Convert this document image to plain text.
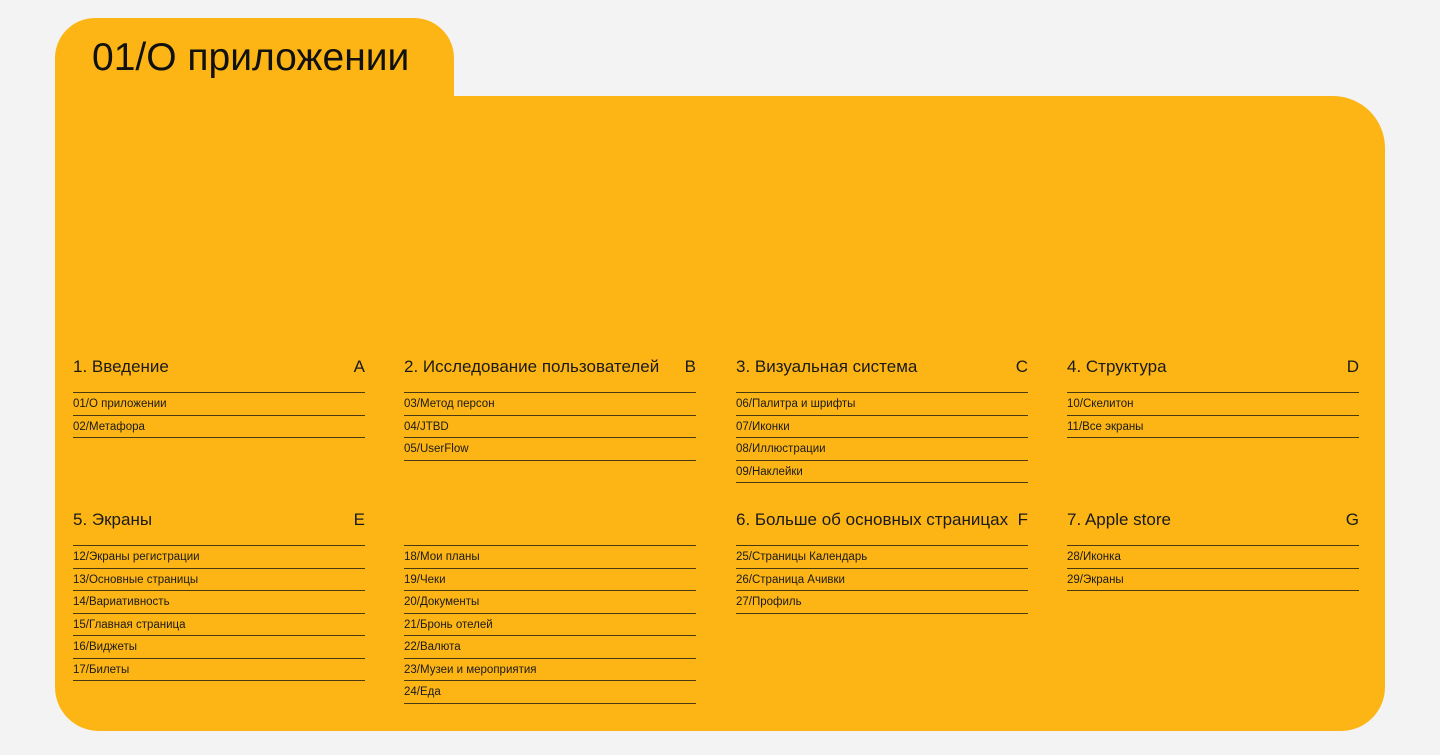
01/О приложении
1. Введение	A
01/О приложении
02/Метафора
2. Исследование пользователей B
03/Метод персон
04/JTBD
05/UserFlow
3. Визуальная система	C
06/Палитра и шрифты
07/Иконки
08/Иллюстрации
09/Наклейки
4. Структура	D
10/Скелитон
11/Все экраны
5. Экраны	E
12/Экраны регистрации
13/Основные страницы
14/Вариативность
15/Главная страница
16/Виджеты
17/Билеты
18/Мои планы
19/Чеки
20/Документы
21/Бронь отелей
22/Валюта
23/Музеи и мероприятия
24/Еда
6. Больше об основных страницах F
25/Страницы Календарь
26/Страница Ачивки
27/Профиль
7. Apple store	G
28/Иконка
29/Экраны
